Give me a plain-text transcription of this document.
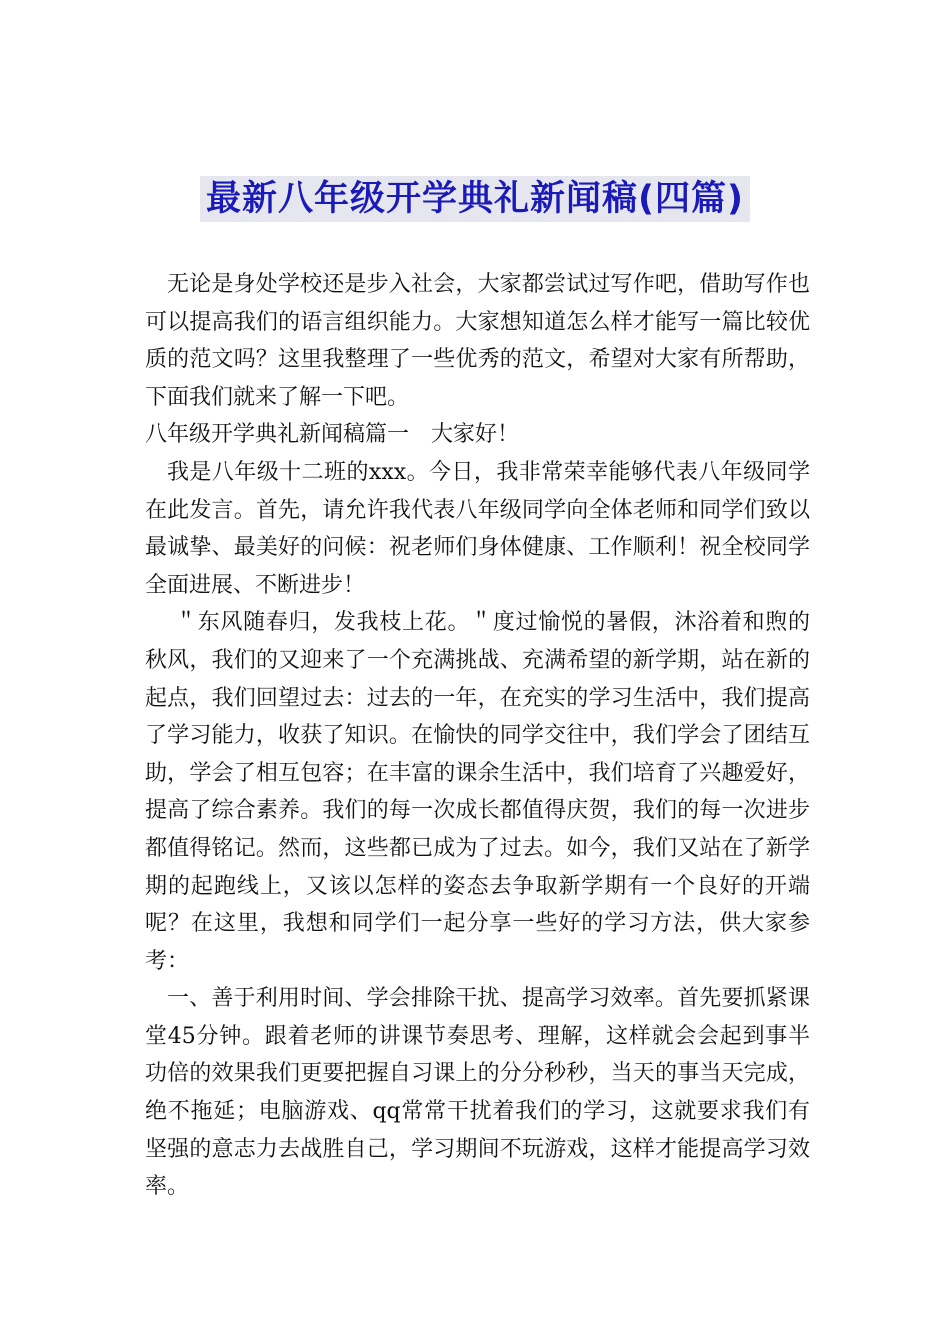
最新八年级开学典礼新闻稿(四篇)

无论是身处学校还是步入社会，大家都尝试过写作吧，借助写作也可以提高我们的语言组织能力。大家想知道怎么样才能写一篇比较优质的范文吗？这里我整理了一些优秀的范文，希望对大家有所帮助，下面我们就来了解一下吧。

八年级开学典礼新闻稿篇一　大家好！

我是八年级十二班的xxx。今日，我非常荣幸能够代表八年级同学在此发言。首先，请允许我代表八年级同学向全体老师和同学们致以最诚挚、最美好的问候：祝老师们身体健康、工作顺利！祝全校同学全面进展、不断进步！

＂东风随春归，发我枝上花。＂度过愉悦的暑假，沐浴着和煦的秋风，我们的又迎来了一个充满挑战、充满希望的新学期，站在新的起点，我们回望过去：过去的一年，在充实的学习生活中，我们提高了学习能力，收获了知识。在愉快的同学交往中，我们学会了团结互助，学会了相互包容；在丰富的课余生活中，我们培育了兴趣爱好，提高了综合素养。我们的每一次成长都值得庆贺，我们的每一次进步都值得铭记。然而，这些都已成为了过去。如今，我们又站在了新学期的起跑线上，又该以怎样的姿态去争取新学期有一个良好的开端呢？在这里，我想和同学们一起分享一些好的学习方法，供大家参考：

一、善于利用时间、学会排除干扰、提高学习效率。首先要抓紧课堂45分钟。跟着老师的讲课节奏思考、理解，这样就会会起到事半功倍的效果我们更要把握自习课上的分分秒秒，当天的事当天完成，绝不拖延；电脑游戏、qq常常干扰着我们的学习，这就要求我们有坚强的意志力去战胜自己，学习期间不玩游戏，这样才能提高学习效率。
